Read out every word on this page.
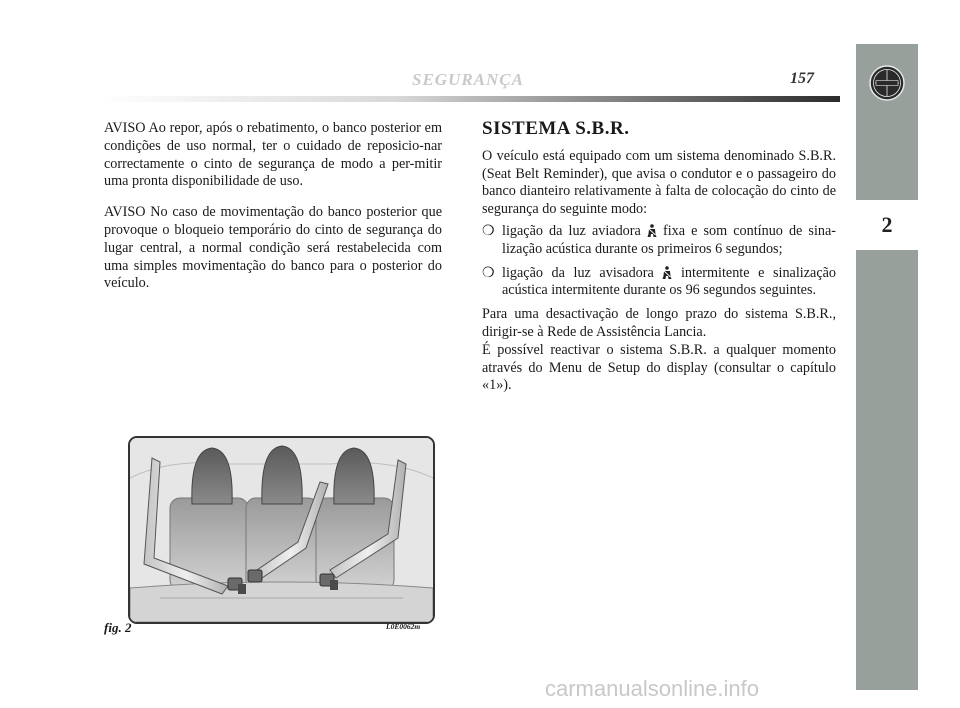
SEGURANÇA	157
2

AVISO Ao repor, após o rebatimento, o banco posterior em condições de uso normal, ter o cuidado de reposicio-nar correctamente o cinto de segurança de modo a per-mitir uma pronta disponibilidade de uso.

AVISO No caso de movimentação do banco posterior que provoque o bloqueio temporário do cinto de segurança do lugar central, a normal condição será restabelecida com uma simples movimentação do banco para o posterior do veículo.

SISTEMA S.B.R.

O veículo está equipado com um sistema denominado S.B.R. (Seat Belt Reminder), que avisa o condutor e o passageiro do banco dianteiro relativamente à falta de colocação do cinto de segurança do seguinte modo:

❍ ligação da luz aviadora fixa e som contínuo de sina-lização acústica durante os primeiros 6 segundos;
❍ ligação da luz avisadora intermitente e sinalização acústica intermitente durante os 96 segundos seguintes.

Para uma desactivação de longo prazo do sistema S.B.R., dirigir-se à Rede de Assistência Lancia.

É possível reactivar o sistema S.B.R. a qualquer momento através do Menu de Setup do display (consultar o capítulo «1»).

fig. 2	L0E0062m
carmanualsonline.info
